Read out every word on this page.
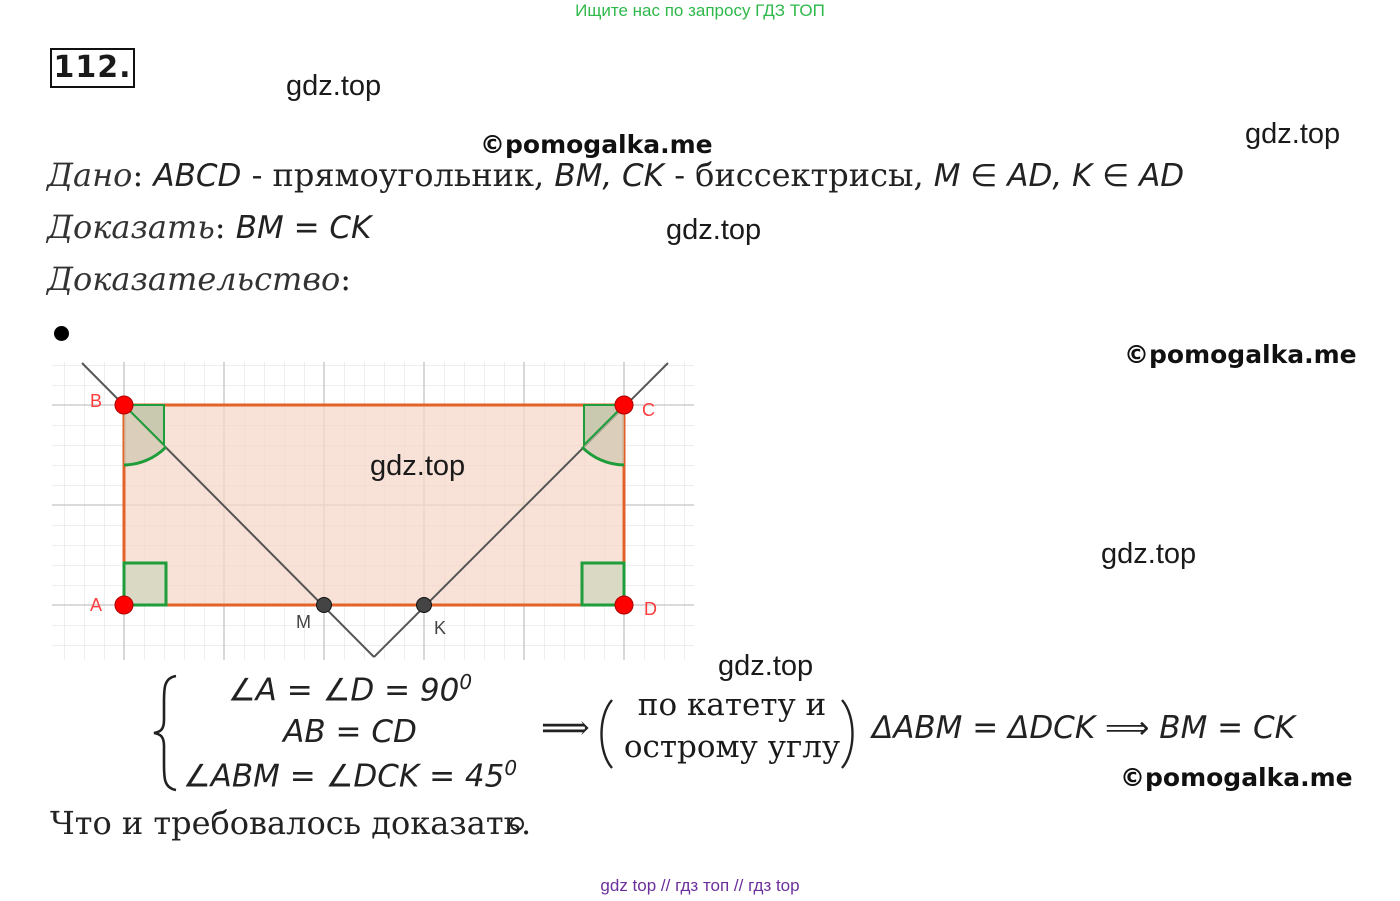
Ищите нас по запросу ГДЗ ТОП
112.
gdz.top
©pomogalka.me	gdz.top
gdz.top
©pomogalka.me
gdz.top
gdz.top
©pomogalka.me
Дано: ABCD - прямоугольник, BM, CK - биссектрисы, M ∈ AD, K ∈ AD
Доказать: BM = CK
Доказательство:
B	C
A	D
M	K
gdz.top
∠A = ∠D = $90^0$
AB = CD
∠ABM = ∠DCK = $45^0$
⟹
по катету и
острому углу
ΔABM = ΔDCK ⟹ BM = CK
Что и требовалось доказать.
gdz top // гдз топ // гдз top
